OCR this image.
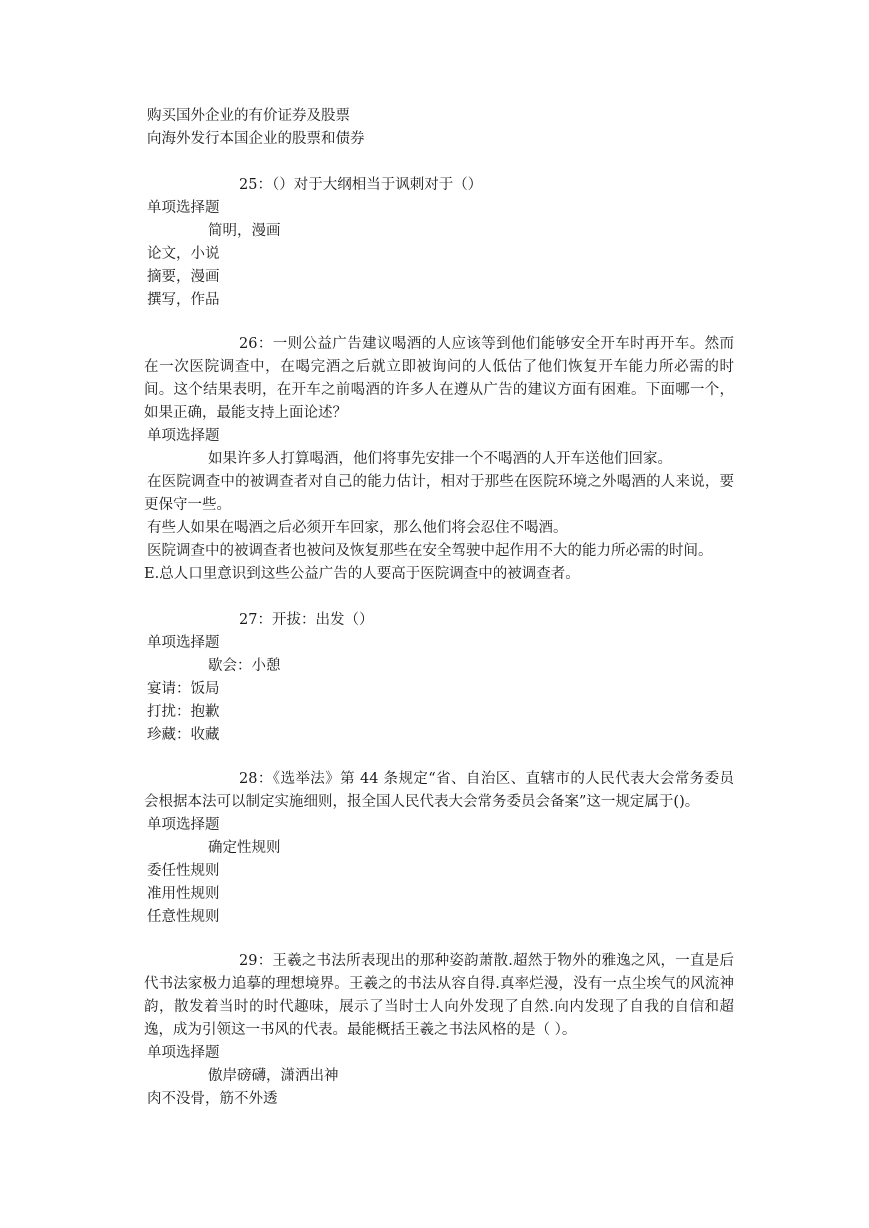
购买国外企业的有价证券及股票
向海外发行本国企业的股票和债券
25：（）对于大纲相当于讽刺对于（）
单项选择题
简明，漫画
论文，小说
摘要，漫画
撰写，作品
26：一则公益广告建议喝酒的人应该等到他们能够安全开车时再开车。然而在一次医院调查中，在喝完酒之后就立即被询问的人低估了他们恢复开车能力所必需的时间。这个结果表明，在开车之前喝酒的许多人在遵从广告的建议方面有困难。下面哪一个，如果正确，最能支持上面论述？
单项选择题
如果许多人打算喝酒，他们将事先安排一个不喝酒的人开车送他们回家。
在医院调查中的被调查者对自己的能力估计，相对于那些在医院环境之外喝酒的人来说，要更保守一些。
有些人如果在喝酒之后必须开车回家，那么他们将会忍住不喝酒。
医院调查中的被调查者也被问及恢复那些在安全驾驶中起作用不大的能力所必需的时间。
E.总人口里意识到这些公益广告的人要高于医院调查中的被调查者。
27：开拔：出发（）
单项选择题
歇会：小憩
宴请：饭局
打扰：抱歉
珍藏：收藏
28：《选举法》第 44 条规定“省、自治区、直辖市的人民代表大会常务委员会根据本法可以制定实施细则，报全国人民代表大会常务委员会备案”这一规定属于()。
单项选择题
确定性规则
委任性规则
准用性规则
任意性规则
29：王羲之书法所表现出的那种姿韵萧散.超然于物外的雅逸之风，一直是后代书法家极力追摹的理想境界。王羲之的书法从容自得.真率烂漫，没有一点尘埃气的风流神韵，散发着当时的时代趣味，展示了当时士人向外发现了自然.向内发现了自我的自信和超逸，成为引领这一书风的代表。最能概括王羲之书法风格的是（ ）。
单项选择题
傲岸磅礴，潇洒出神
肉不没骨，筋不外透
